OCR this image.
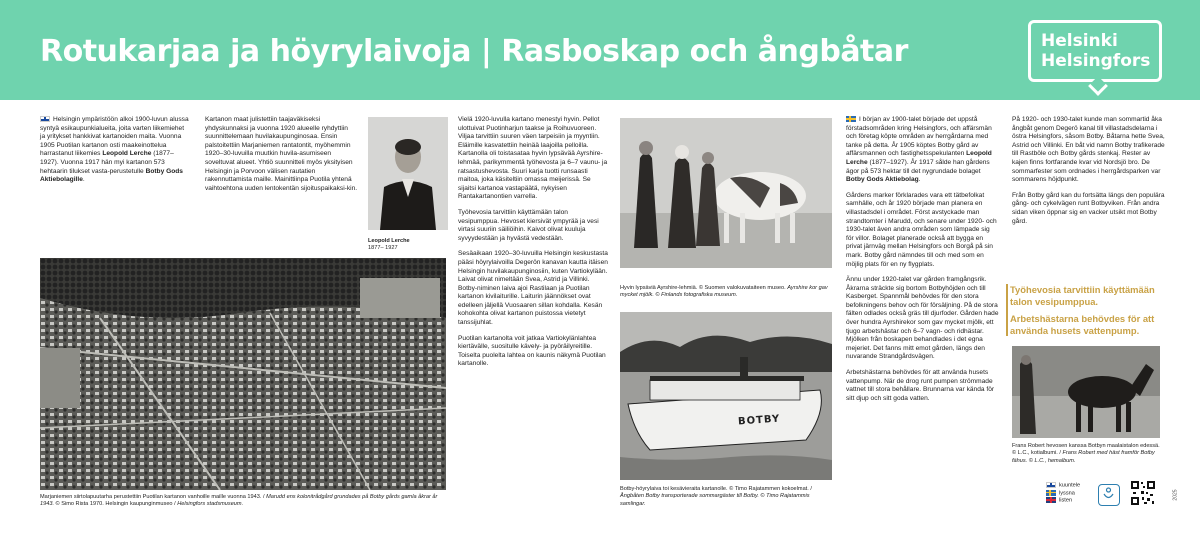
Rotukarjaa ja höyrylaivoja | Rasboskap och ångbåtar	Helsinki
Helsingfors

Helsingin ympäristöön alkoi 1900-luvun alussa syntyä esikaupunkialueita, joita varten liikemiehet ja yritykset hankkivat kartanoiden maita. Vuonna 1905 Puotilan kartanon osti maakeinottelua harrastanut liikemies Leopold Lerche (1877–1927). Vuonna 1917 hän myi kartanon 573 hehtaarin tilukset vasta-perustetulle Botby Gods Aktiebolagille.

Kartanon maat julistettiin taajaväkiseksi yhdyskunnaksi ja vuonna 1920 alueelle ryhdyttiin suunnittelemaan huvilakaupunginosaa. Ensin palstoitettiin Marjaniemen rantatontit, myöhemmin 1920–30-luvuilla muutkin huvila-asumiseen soveltuvat alueet. Yhtiö suunnitteli myös yksityisen Helsingin ja Porvoon välisen rautatien rakennuttamista maille. Mainittiinpa Puotila yhtenä vaihtoehtona uuden lentokentän sijoituspaikaksi-kin.

Leopold Lerche
1877– 1927
Marjaniemen siirtolapuutarha perustettiin Puotilan kartanon vanhoille maille vuonna 1943. / Marudd ens kolonitrådgård grundades på Botby gårds gamla åkrar år 1943. © Simo Rista 1970. Helsingin kaupunginmuseo / Helsingfors stadsmuseum.

Vielä 1920-luvulla kartano menestyi hyvin. Pellot ulottuivat Puotinharjun taakse ja Roihuvuoreen. Viljaa tarvittiin suuren väen tarpeisiin ja myyntiin. Eläimille kasvatettiin heinää laajoilla pelloilla. Kartanolla oli toistasataa hyvin lypsävää Ayrshire-lehmää, parikymmentä työhevosta ja 6–7 vaunu- ja ratsastushevosta. Suuri karja tuotti runsaasti maitoa, joka käsiteltiin omassa meijerissä. Se sijaitsi kartanoa vastapäätä, nykyisen Rantakartanontien varrella.

Työhevosia tarvittiin käyttämään talon vesipumppua. Hevoset kiersivät ympyrää ja vesi virtasi suuriin säiliöihin. Kaivot olivat kuuluja syvyydestään ja hyvästä vedestään.

Sesäaikaan 1920–30-luvuilla Helsingin keskustasta pääsi höyrylaivoilla Degerön kanavan kautta itäisen Helsingin huvilakaupunginosiin, kuten Vartiokylään. Laivat olivat nimeltään Svea, Astrid ja Villinki. Botby-niminen laiva ajoi Rastilaan ja Puotilan kartanon kivilaiturille. Laiturin jäännökset ovat edelleen jäljellä Vuosaaren sillan kohdalla. Kesän kohokohta olivat kartanon puistossa vietetyt tanssijuhlat.

Puotilan kartanolta voit jatkaa Vartiokylänlahtea kiertävälle, suositulle kävely- ja pyöräilyreitille. Toiselta puolelta lahtea on kaunis näkymä Puotilan kartanolle.

Hyvin lypsäviä Ayrshire-lehmiä. © Suomen valokuvataiteen museo. Ayrshire kor gav mycket mjölk. © Finlands fotografiska museum.
BOTBY
Botby-höyrylaiva toi kesävieraita kartanolle. © Timo Rajatammen kokoelmat. / Ångbåten Botby transporterade sommargäster till Botby. © Timo Rajatammis samlingar.

I början av 1900-talet började det uppstå förstadsområden kring Helsingfors, och affärsmän och företag köpte områden av herrgårdarna med tanke på detta. År 1905 köptes Botby gård av affärsmannen och fastighetsspekulanten Leopold Lerche (1877–1927). År 1917 sålde han gårdens ägor på 573 hektar till det nygrundade bolaget Botby Gods Aktiebolag.

Gårdens marker förklarades vara ett tätbefolkat samhälle, och år 1920 började man planera en villastadsdel i området. Först avstyckade man strandtomter i Marudd, och senare under 1920- och 1930-talet även andra områden som lämpade sig för villor. Bolaget planerade också att bygga en privat järnväg mellan Helsingfors och Borgå på sin mark. Botby gård nämndes till och med som en möjlig plats för en ny flygplats.

Ännu under 1920-talet var gården framgångsrik. Åkrarna sträckte sig bortom Botbyhöjden och till Kasberget. Spannmål behövdes för den stora befolkningens behov och för försäljning. På de stora fälten odlades också gräs till djurfoder. Gården hade över hundra Ayrshirekor som gav mycket mjölk, ett tjugo arbetshästar och 6–7 vagn- och ridhästar. Mjölken från boskapen behandlades i det egna mejeriet. Det fanns mitt emot gården, längs den nuvarande Strandgårdsvägen.

Arbetshästarna behövdes för att använda husets vattenpump. När de drog runt pumpen strömmade vattnet till stora behållare. Brunnarna var kända för sitt djup och sitt goda vatten.

På 1920- och 1930-talet kunde man sommartid åka ångbåt genom Degerö kanal till villastadsdelarna i östra Helsingfors, såsom Botby. Båtarna hette Svea, Astrid och Villinki. En båt vid namn Botby trafikerade till Rastböle och Botby gårds stenkaj. Rester av kajen finns fortfarande kvar vid Nordsjö bro. De sommarfester som ordnades i herrgårdsparken var sommarens höjdpunkt.

Från Botby gård kan du fortsätta längs den populära gång- och cykelvägen runt Botbyviken. Från andra sidan viken öppnar sig en vacker utsikt mot Botby gård.

Työhevosia tarvittiin käyttämään talon vesipumppua.
Arbetshästarna behövdes för att använda husets vattenpump.
Frans Robert hevosen kanssa Botbyn maalaistalon edessä. © L.C., kotialbumi. / Frans Robert med häst framför Botby fähus. © L.C., hemalbum.
kuuntele
lyssna
listen
2025
